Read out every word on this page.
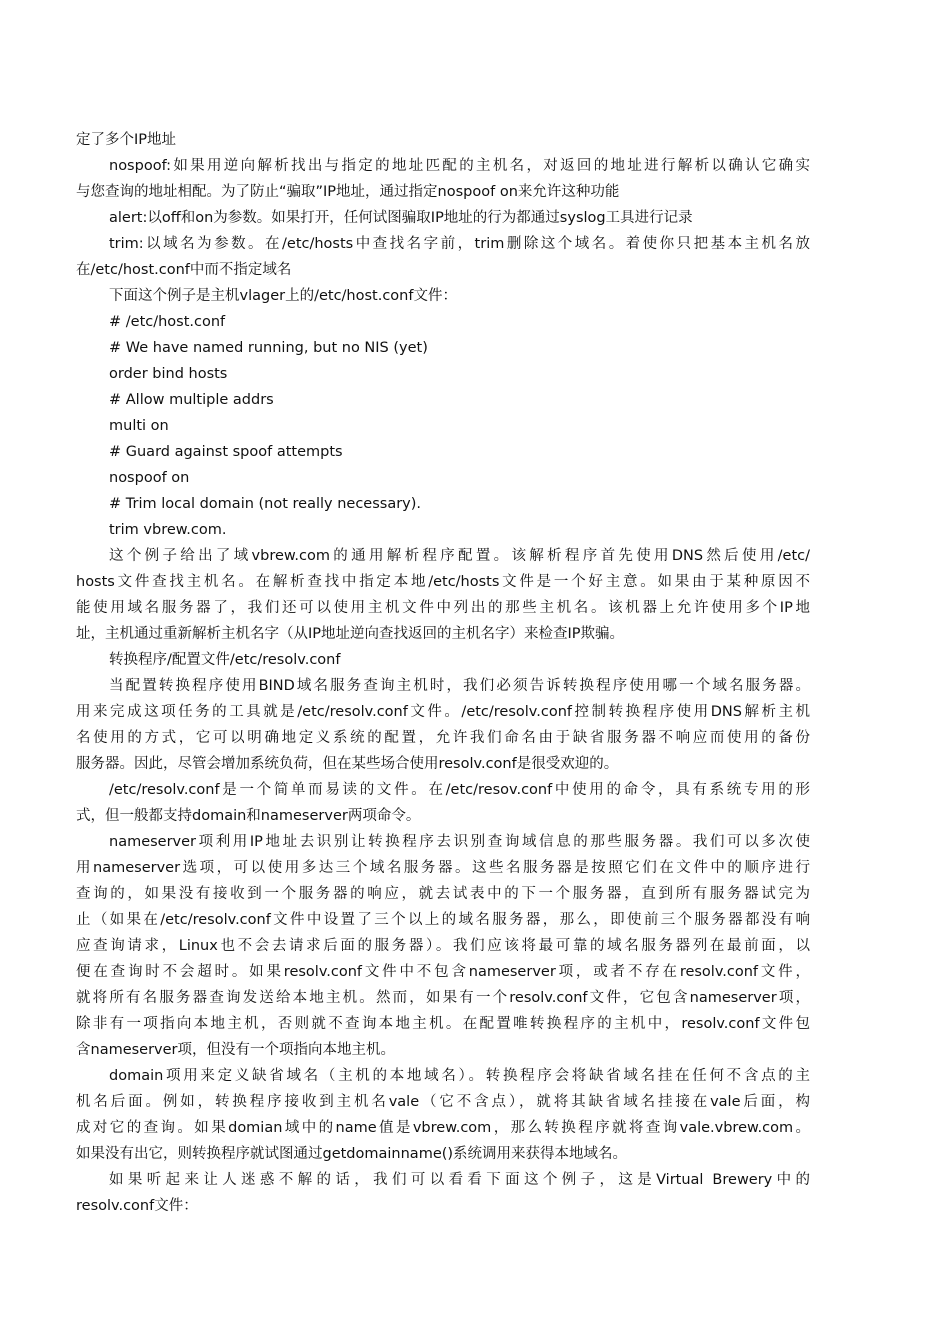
定了多个IP地址
nospoof:如果用逆向解析找出与指定的地址匹配的主机名，对返回的地址进行解析以确认它确实
与您查询的地址相配。为了防止“骗取”IP地址，通过指定nospoof on来允许这种功能
alert:以off和on为参数。如果打开，任何试图骗取IP地址的行为都通过syslog工具进行记录
trim:以域名为参数。在/etc/hosts中查找名字前，trim删除这个域名。着使你只把基本主机名放
在/etc/host.conf中而不指定域名
下面这个例子是主机vlager上的/etc/host.conf文件：
# /etc/host.conf
# We have named running, but no NIS (yet)
order bind hosts
# Allow multiple addrs
multi on
# Guard against spoof attempts
nospoof on
# Trim local domain (not really necessary).
trim vbrew.com.
这个例子给出了域vbrew.com的通用解析程序配置。该解析程序首先使用DNS然后使用/etc/
hosts文件查找主机名。在解析查找中指定本地/etc/hosts文件是一个好主意。如果由于某种原因不
能使用域名服务器了，我们还可以使用主机文件中列出的那些主机名。该机器上允许使用多个IP地
址，主机通过重新解析主机名字（从IP地址逆向查找返回的主机名字）来检查IP欺骗。
转换程序/配置文件/etc/resolv.conf
当配置转换程序使用BIND域名服务查询主机时，我们必须告诉转换程序使用哪一个域名服务器。
用来完成这项任务的工具就是/etc/resolv.conf文件。/etc/resolv.conf控制转换程序使用DNS解析主机
名使用的方式，它可以明确地定义系统的配置，允许我们命名由于缺省服务器不响应而使用的备份
服务器。因此，尽管会增加系统负荷，但在某些场合使用resolv.conf是很受欢迎的。
/etc/resolv.conf是一个简单而易读的文件。在/etc/resov.conf中使用的命令，具有系统专用的形
式，但一般都支持domain和nameserver两项命令。
nameserver项利用IP地址去识别让转换程序去识别查询域信息的那些服务器。我们可以多次使
用nameserver选项，可以使用多达三个域名服务器。这些名服务器是按照它们在文件中的顺序进行
查询的，如果没有接收到一个服务器的响应，就去试表中的下一个服务器，直到所有服务器试完为
止（如果在/etc/resolv.conf文件中设置了三个以上的域名服务器，那么，即使前三个服务器都没有响
应查询请求，Linux也不会去请求后面的服务器）。我们应该将最可靠的域名服务器列在最前面，以
便在查询时不会超时。如果resolv.conf文件中不包含nameserver项，或者不存在resolv.conf文件，
就将所有名服务器查询发送给本地主机。然而，如果有一个resolv.conf文件，它包含nameserver项，
除非有一项指向本地主机，否则就不查询本地主机。在配置唯转换程序的主机中，resolv.conf文件包
含nameserver项，但没有一个项指向本地主机。
domain项用来定义缺省域名（主机的本地域名）。转换程序会将缺省域名挂在任何不含点的主
机名后面。例如，转换程序接收到主机名vale（它不含点），就将其缺省域名挂接在vale后面，构
成对它的查询。如果domian域中的name值是vbrew.com，那么转换程序就将查询vale.vbrew.com。
如果没有出它，则转换程序就试图通过getdomainname()系统调用来获得本地域名。
如果听起来让人迷惑不解的话，我们可以看看下面这个例子，这是Virtual Brewery中的
resolv.conf文件：
